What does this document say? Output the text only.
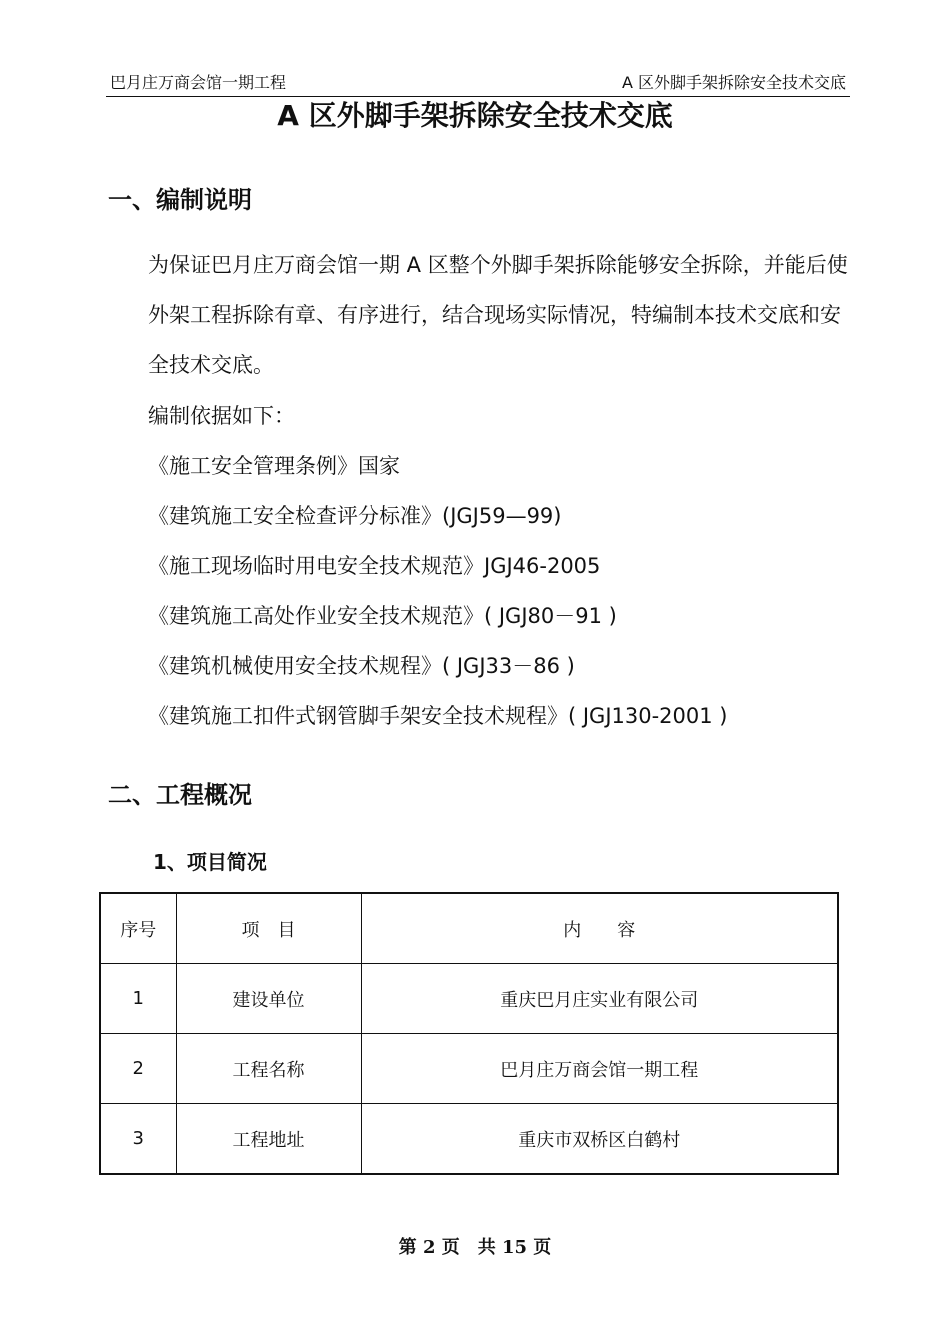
巴月庄万商会馆一期工程	A 区外脚手架拆除安全技术交底
A 区外脚手架拆除安全技术交底
一、编制说明
为保证巴月庄万商会馆一期 A 区整个外脚手架拆除能够安全拆除，并能后使外架工程拆除有章、有序进行，结合现场实际情况，特编制本技术交底和安全技术交底。
编制依据如下：
《施工安全管理条例》国家
《建筑施工安全检查评分标准》(JGJ59—99)
《施工现场临时用电安全技术规范》JGJ46-2005
《建筑施工高处作业安全技术规范》( JGJ80－91 )
《建筑机械使用安全技术规程》( JGJ33－86 )
《建筑施工扣件式钢管脚手架安全技术规程》( JGJ130-2001 )
二、工程概况
1、项目简况
序号	项　目	内　　容
1	建设单位	重庆巴月庄实业有限公司
2	工程名称	巴月庄万商会馆一期工程
3	工程地址	重庆市双桥区白鹤村
第 2 页　共 15 页
